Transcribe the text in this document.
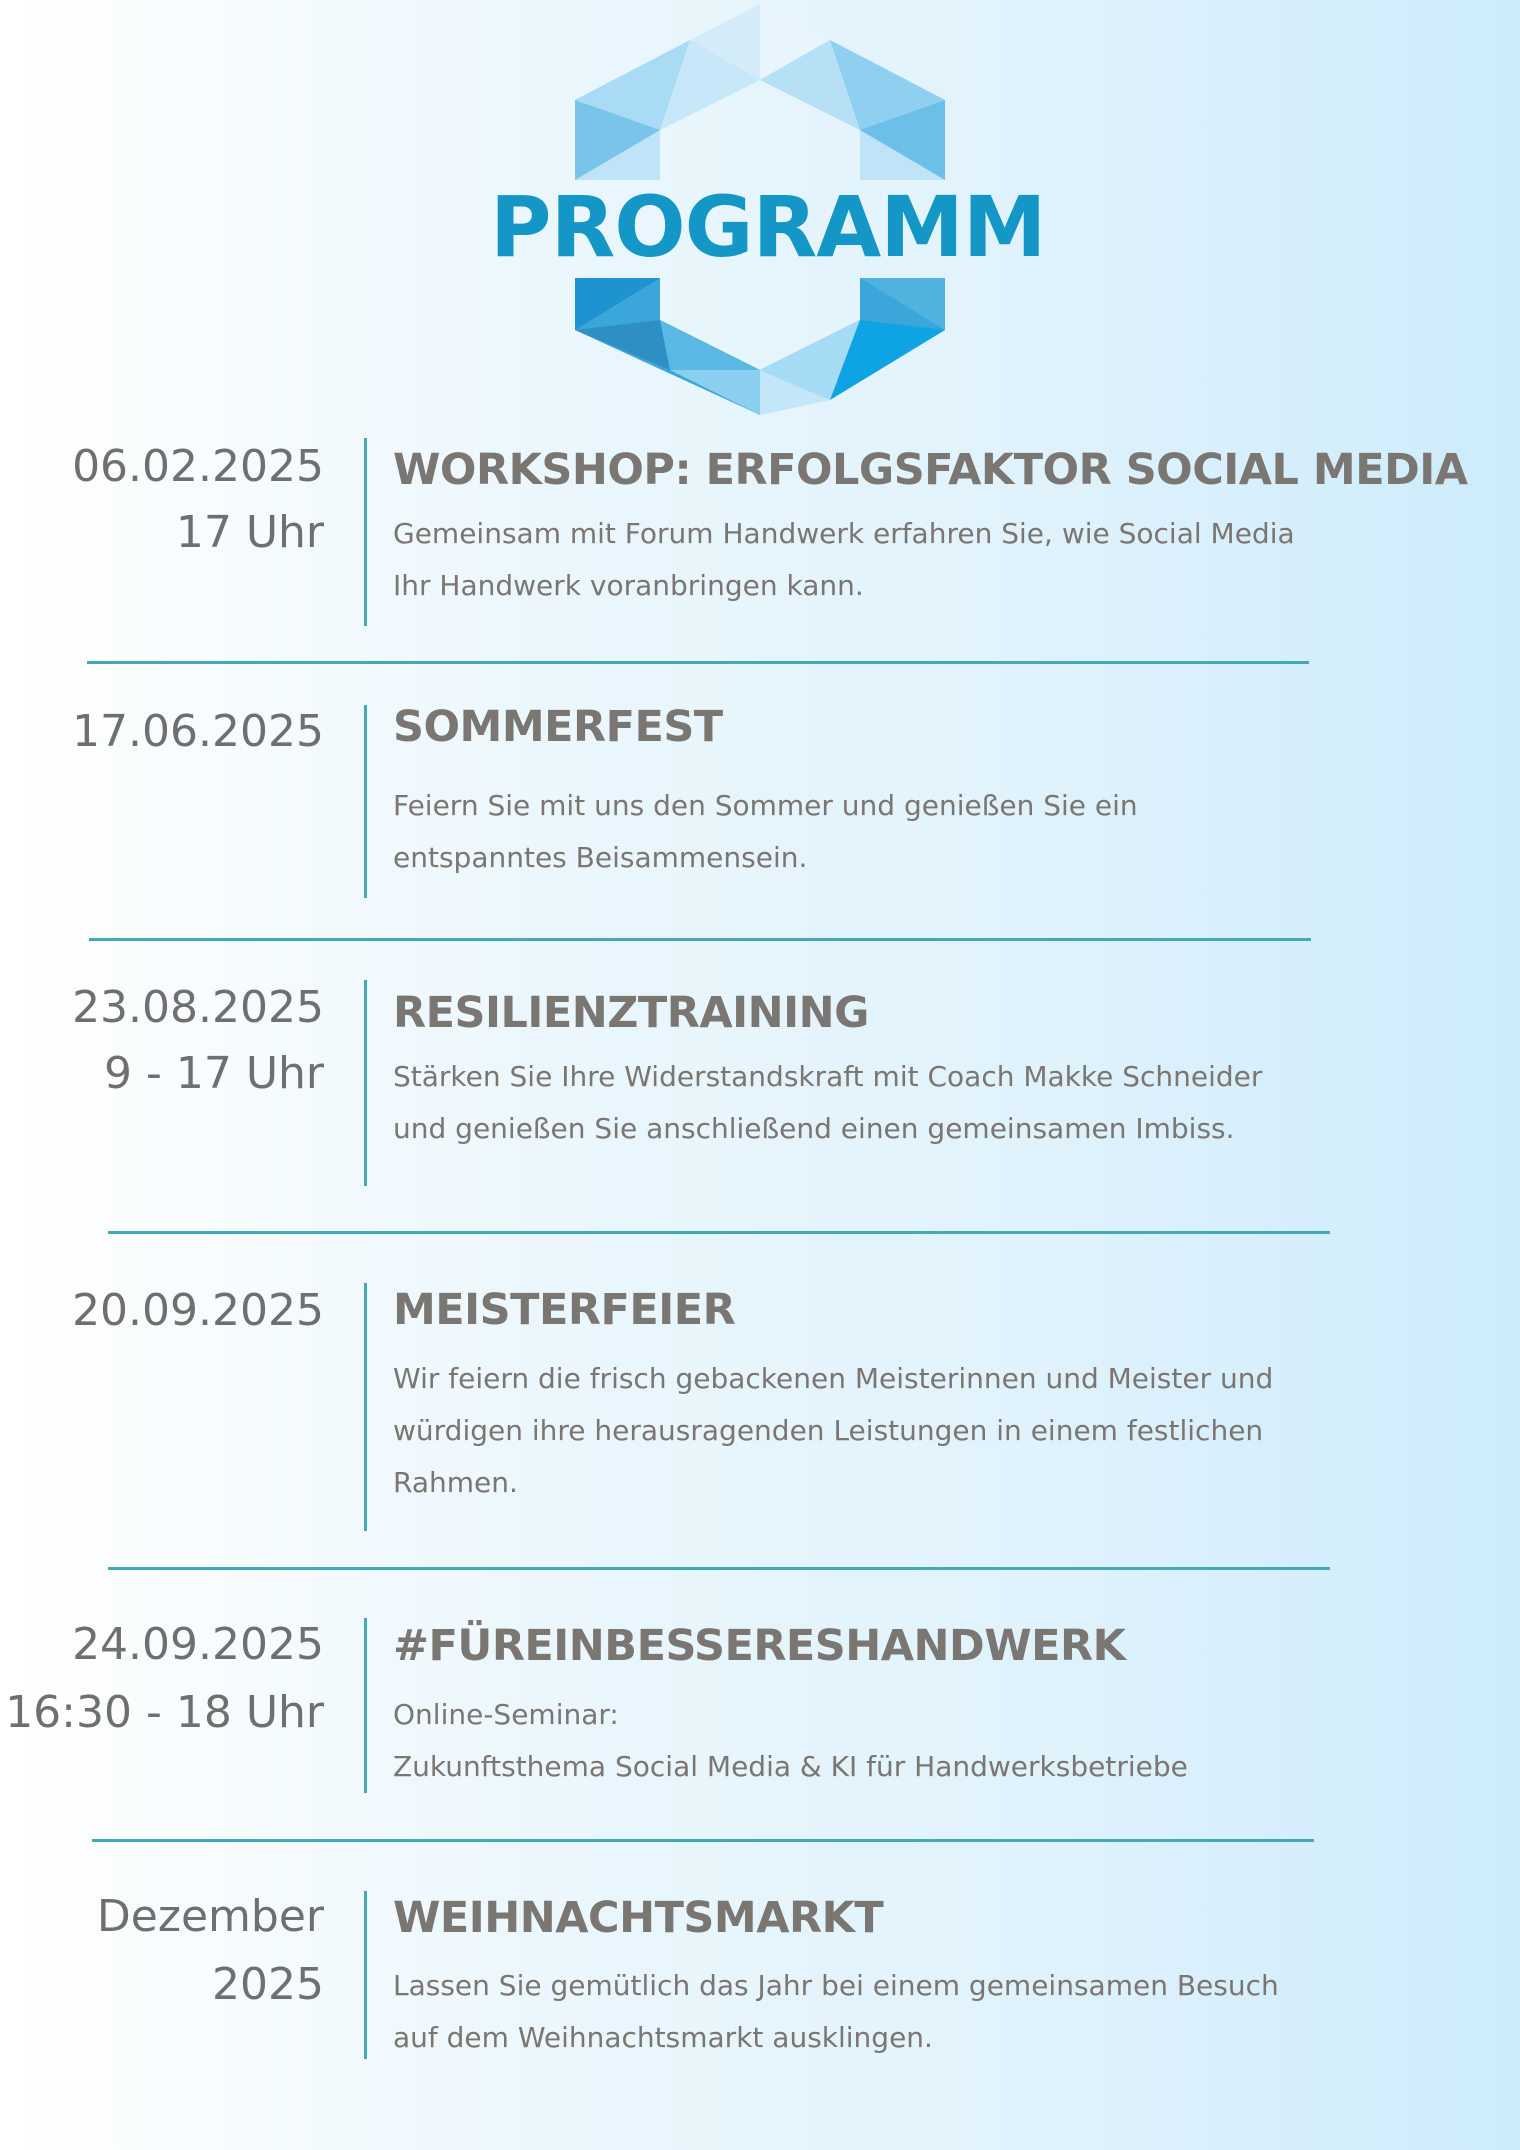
PROGRAMM
06.02.2025
17 Uhr
WORKSHOP: ERFOLGSFAKTOR SOCIAL MEDIA
Gemeinsam mit Forum Handwerk erfahren Sie, wie Social Media Ihr Handwerk voranbringen kann.
17.06.2025 SOMMERFEST
Feiern Sie mit uns den Sommer und genießen Sie ein entspanntes Beisammensein.
23.08.2025
9 - 17 Uhr
RESILIENZTRAINING
Stärken Sie Ihre Widerstandskraft mit Coach Makke Schneider und genießen Sie anschließend einen gemeinsamen Imbiss.
20.09.2025 MEISTERFEIER
Wir feiern die frisch gebackenen Meisterinnen und Meister und würdigen ihre herausragenden Leistungen in einem festlichen Rahmen.
24.09.2025
16:30 - 18 Uhr
#FÜREINBESSERESHANDWERK
Online-Seminar:
Zukunftsthema Social Media & KI für Handwerksbetriebe
Dezember
2025
WEIHNACHTSMARKT
Lassen Sie gemütlich das Jahr bei einem gemeinsamen Besuch auf dem Weihnachtsmarkt ausklingen.
